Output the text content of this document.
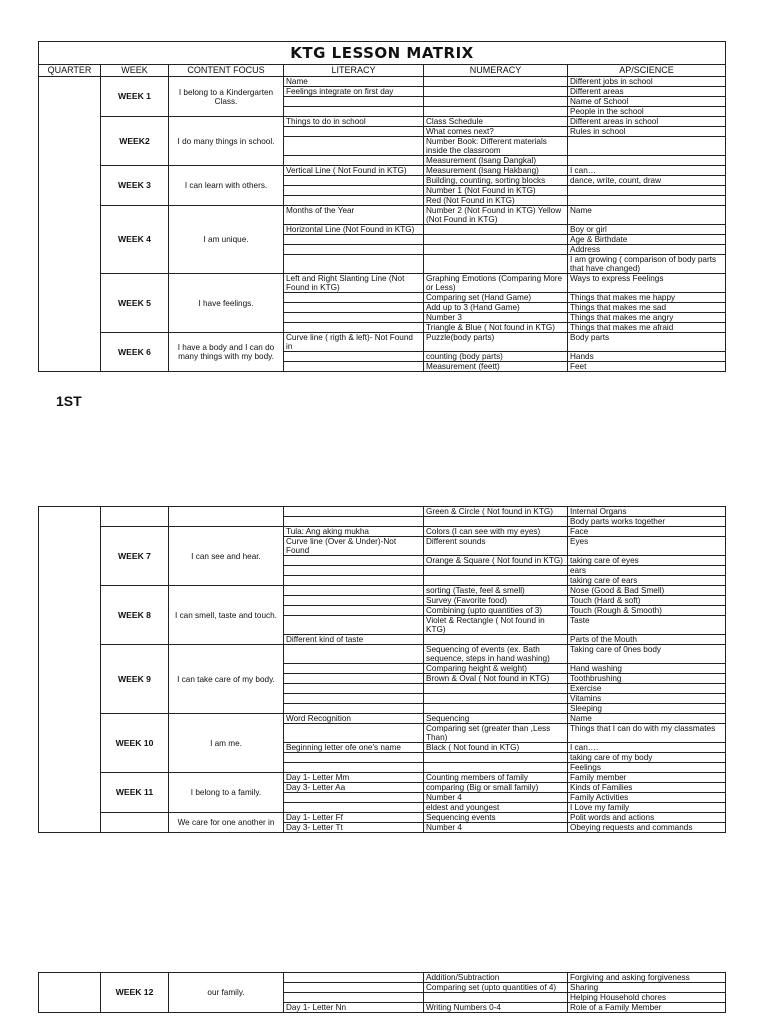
KTG LESSON MATRIX					
QUARTER	WEEK	CONTENT FOCUS	LITERACY	NUMERACY	AP/SCIENCE
	WEEK 1	I belong to a Kindergarten Class.	Name		Different jobs in school
			Feelings integrate on first day		Different areas
					Name of School
					People in the school
	WEEK2	I do many things in school.	Things to do in school	Class Schedule	Different areas in school
				What comes next?	Rules in school
				Number Book: Different materials inside the classroom	
				Measurement (Isang Dangkal)	
	WEEK 3	I can learn with others.	Vertical Line ( Not Found in KTG)	Measurement (Isang Hakbang)	I can…
				Building, counting, sorting blocks	dance, write, count, draw
				Number 1 (Not Found in KTG)	
				Red (Not Found in KTG)	
	WEEK 4	I am unique.	Months of the Year	Number 2 (Not Found in KTG) Yellow (Not Found in KTG)	Name
			Horizontal Line (Not Found in KTG)		Boy or girl
					Age & Birthdate
					Address
					I am growing ( comparison of body parts that have changed)
	WEEK 5	I have feelings.	Left and Right Slanting Line (Not Found in KTG)	Graphing Emotions (Comparing More or Less)	Ways to express Feelings
				Comparing set (Hand Game)	Things that makes me happy
				Add up to 3 (Hand Game)	Things that makes me sad
				Number 3	Things that makes me angry
				Triangle & Blue ( Not found in KTG)	Things that makes me afraid
	WEEK 6	I have a body and I can do many things with my body.	Curve line ( rigth & left)- Not Found in	Puzzle(body parts)	Body parts
				counting (body parts)	Hands
				Measurement (feett)	Feet
1ST
				Green & Circle ( Not found in KTG)	Internal Organs
					Body parts works together
	WEEK 7	I can see and hear.	Tula: Ang aking mukha	Colors (I can see with my eyes)	Face
			Curve line (Over & Under)-Not Found	Different sounds	Eyes
				Orange & Square ( Not found in KTG)	taking care of eyes
					ears
					taking care of ears
	WEEK 8	I can smell, taste and touch.		sorting (Taste, feel & smell)	Nose (Good & Bad Smell)
				Survey (Favorite food)	Touch (Hard & soft)
				Combining (upto quantities of 3)	Touch (Rough & Smooth)
				Violet & Rectangle ( Not found in KTG)	Taste
			Different kind of taste		Parts of the Mouth
	WEEK 9	I can take care of my body.		Sequencing of events (ex. Bath sequence, steps in hand washing)	Taking care of 0nes body
				Comparing height & weight)	Hand washing
				Brown & Oval ( Not found in KTG)	Toothbrushing
					Exercise
					Vitamins
					Sleeping
	WEEK 10	I am me.	Word Recognition	Sequencing	Name
				Comparing set (greater than ,Less Than)	Things that I can do with my classmates
			Beginning letter ofe one's name	Black ( Not found in KTG)	I can….
					taking care of my body
					Feelings
	WEEK 11	I belong to a family.	Day 1- Letter Mm	Counting members of family	Family member
			Day 3- Letter Aa	comparing (Big or small family)	Kinds of Families
				Number 4	Family Activities
				eldest and youngest	I Love my family
		We care for one another in	Day 1- Letter Ff	Sequencing events	Polit words and actions
			Day 3- Letter Tt	Number 4	Obeying requests and commands
	WEEK 12	our family.		Addition/Subtraction	Forgiving and asking forgiveness
				Comparing set (upto quantities of 4)	Sharing
					Helping Household chores
			Day 1- Letter Nn	Writing Numbers 0-4	Role of a Family Member
